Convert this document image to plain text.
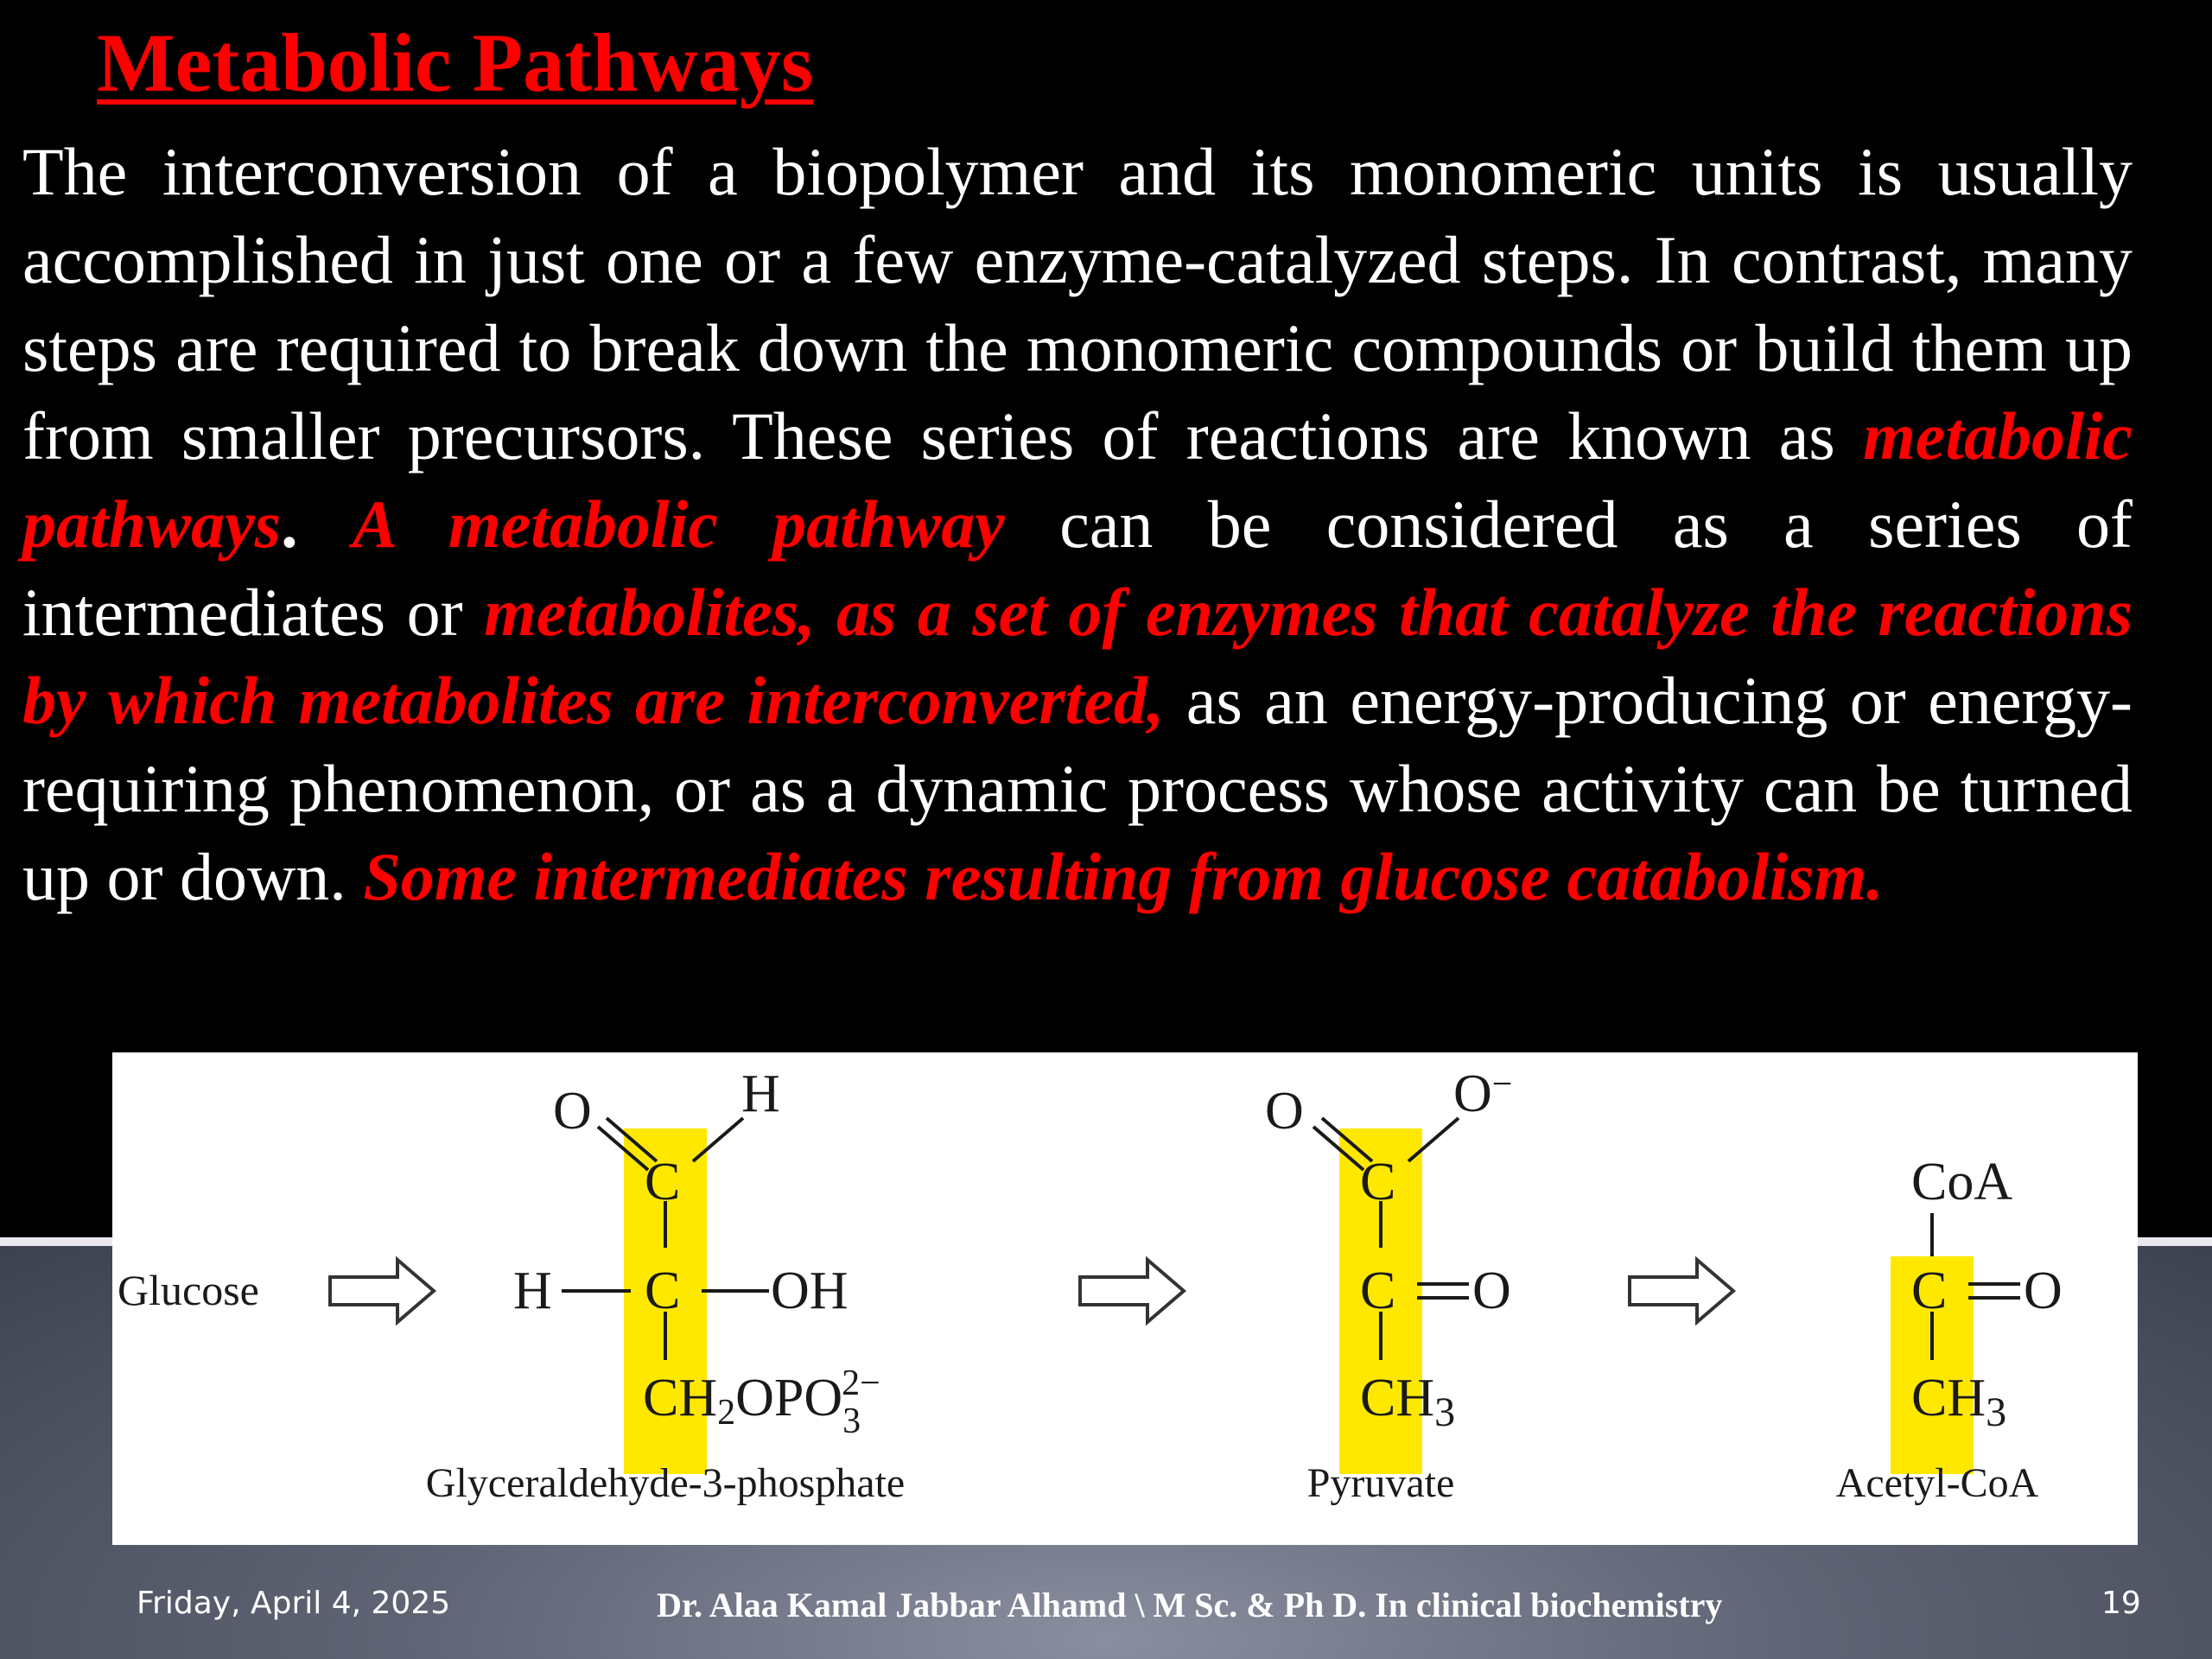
Metabolic Pathways

The interconversion of a biopolymer and its monomeric units is usually accomplished in just one or a few enzyme-catalyzed steps. In contrast, many steps are required to break down the monomeric compounds or build them up from smaller precursors. These series of reactions are known as metabolic pathways. A metabolic pathway can be considered as a series of intermediates or metabolites, as a set of enzymes that catalyze the reactions by which metabolites are interconverted, as an energy-producing or energy-requiring phenomenon, or as a dynamic process whose activity can be turned up or down. Some intermediates resulting from glucose catabolism.

Glucose
O	H
C
H C OH
$CH2OPO_32-$
Glyceraldehyde-3-phosphate
O	O−
C
C O
CH3
Pyruvate
CoA
C O
CH3
Acetyl-CoA
Friday, April 4, 2025	Dr. Alaa Kamal Jabbar Alhamd \ M Sc. & Ph D. In clinical biochemistry	19
